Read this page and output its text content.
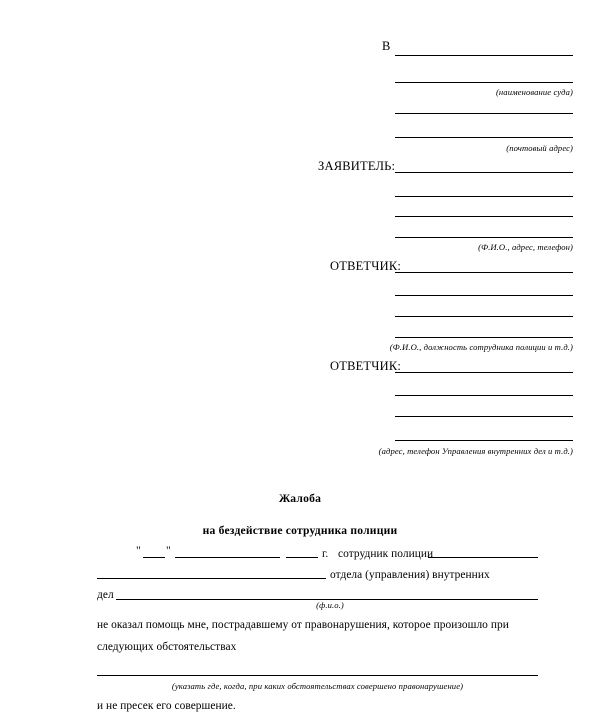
В
(наименование суда)
(почтовый адрес)
ЗАЯВИТЕЛЬ:
(Ф.И.О., адрес, телефон)
ОТВЕТЧИК:
(Ф.И.О., должность сотрудника полиции и т.д.)
ОТВЕТЧИК:
(адрес, телефон Управления внутренних дел и т.д.)
Жалоба
на бездействие сотрудника полиции
" "	г. сотрудник полиции
отдела (управления) внутренних
дел
(ф.и.о.)
не оказал помощь мне, пострадавшему от правонарушения, которое произошло при
следующих обстоятельствах
(указать где, когда, при каких обстоятельствах совершено правонарушение)
и не пресек его совершение.
